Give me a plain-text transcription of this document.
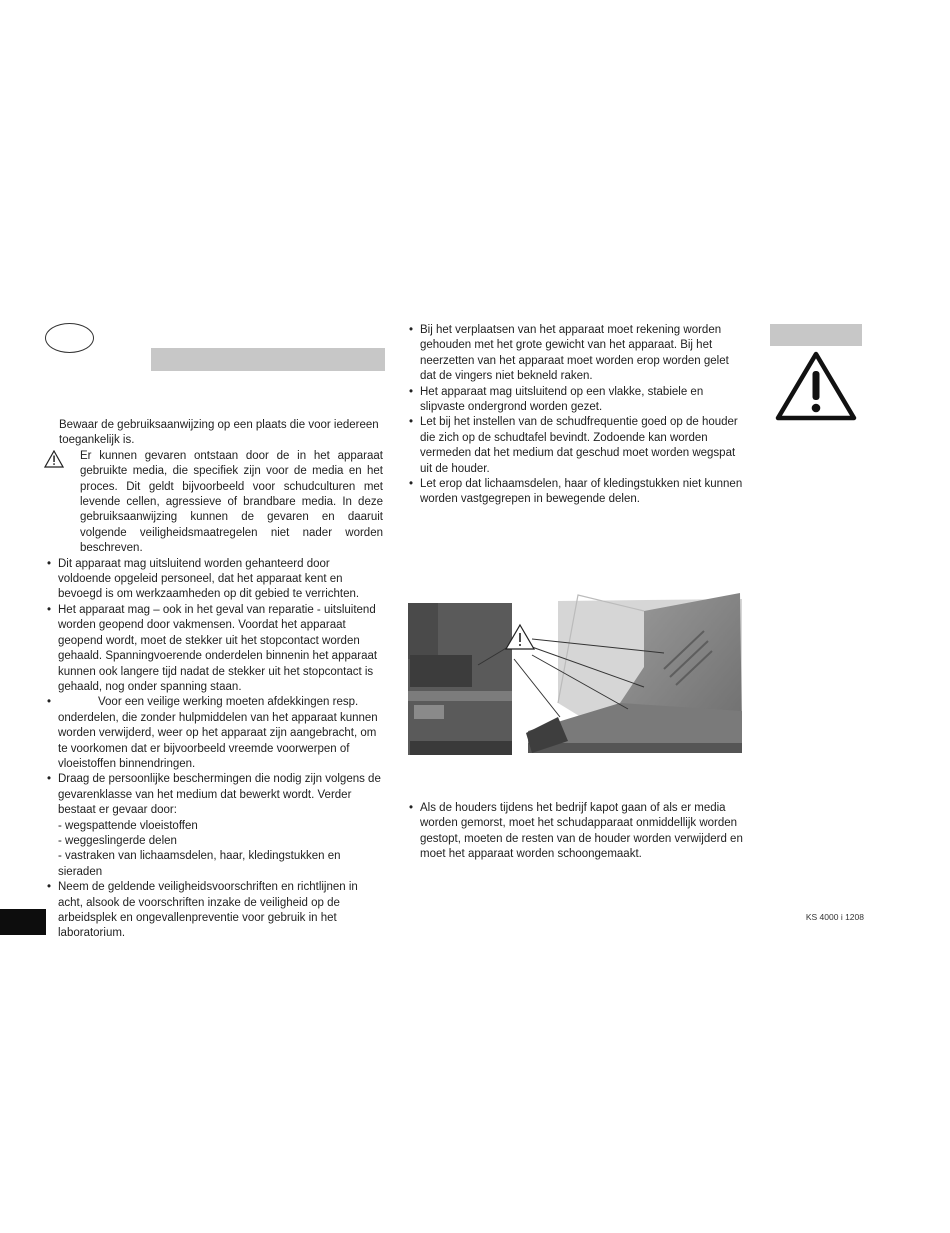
Bewaar de gebruiksaanwijzing op een plaats die voor iedereen toegankelijk is.

Er kunnen gevaren ontstaan door de in het apparaat gebruikte media, die specifiek zijn voor de media en het proces. Dit geldt bijvoorbeeld voor schudculturen met levende cellen, agressieve of brandbare media. In deze gebruiksaanwijzing kunnen de gevaren en daaruit volgende veiligheidsmaatregelen niet nader worden beschreven.

• Dit apparaat mag uitsluitend worden gehanteerd door voldoende opgeleid personeel, dat het apparaat kent en bevoegd is om werkzaamheden op dit gebied te verrichten.

• Het apparaat mag – ook in het geval van reparatie - uitsluitend worden geopend door vakmensen. Voordat het apparaat geopend wordt, moet de stekker uit het stopcontact worden gehaald. Spanningvoerende onderdelen binnenin het apparaat kunnen ook langere tijd nadat de stekker uit het stopcontact is gehaald, nog onder spanning staan.

• Voor een veilige werking moeten afdekkingen resp. onderdelen, die zonder hulpmiddelen van het apparaat kunnen worden verwijderd, weer op het apparaat zijn aangebracht, om te voorkomen dat er bijvoorbeeld vreemde voorwerpen of vloeistoffen binnendringen.

• Draag de persoonlijke beschermingen die nodig zijn volgens de gevarenklasse van het medium dat bewerkt wordt. Verder bestaat er gevaar door:

- wegspattende vloeistoffen

- weggeslingerde delen

- vastraken van lichaamsdelen, haar, kledingstukken en sieraden

• Neem de geldende veiligheidsvoorschriften en richtlijnen in acht, alsook de voorschriften inzake de veiligheid op de arbeidsplek en ongevallenpreventie voor gebruik in het laboratorium.

• Bij het verplaatsen van het apparaat moet rekening worden gehouden met het grote gewicht van het apparaat. Bij het neerzetten van het apparaat moet worden erop worden gelet dat de vingers niet bekneld raken.

• Het apparaat mag uitsluitend op een vlakke, stabiele en slipvaste ondergrond worden gezet.

• Let bij het instellen van de schudfrequentie goed op de houder die zich op de schudtafel bevindt. Zodoende kan worden vermeden dat het medium dat geschud moet worden wegspat uit de houder.

• Let erop dat lichaamsdelen, haar of kledingstukken niet kunnen worden vastgegrepen in bewegende delen.

• Als de houders tijdens het bedrijf kapot gaan of als er media worden gemorst, moet het schudapparaat onmiddellijk worden gestopt, moeten de resten van de houder worden verwijderd en moet het apparaat worden schoongemaakt.

KS 4000 i 1208
